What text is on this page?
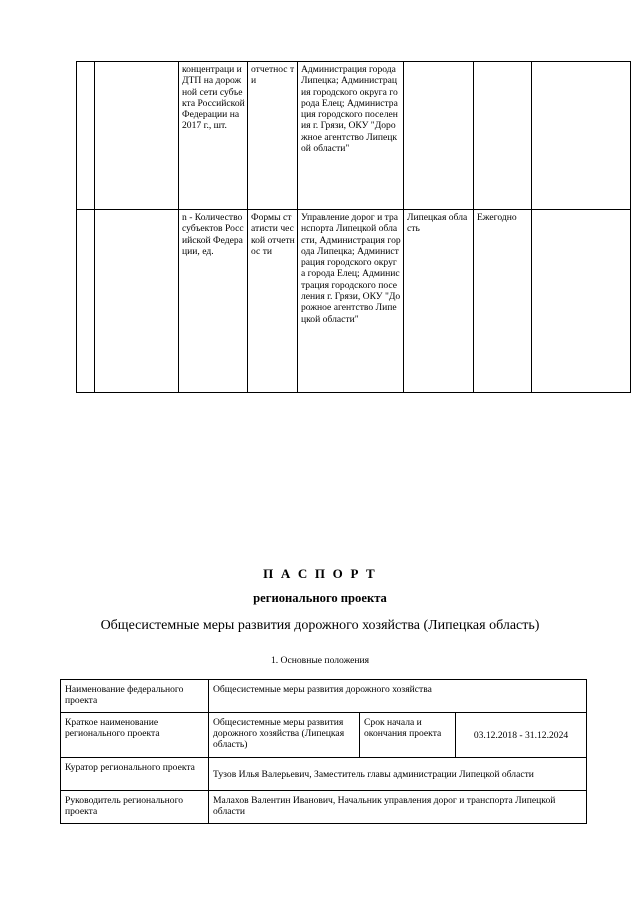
		концентраци и ДТП на дорожной сети субъекта Российской Федерации на 2017 г., шт.	отчетнос ти	Администрация города Липецка; Администрация городского округа города Елец; Администрация городского поселения г. Грязи, ОКУ "Дорожное агентство Липецкой области"			
		n - Количество субъектов Российской Федерации, ед.	Формы статисти ческой отчетнос ти	Управление дорог и транспорта Липецкой области, Администрация города Липецка; Администрация городского округа города Елец; Администрация городского поселения г. Грязи, ОКУ "Дорожное агентство Липецкой области"	Липецкая область	Ежегодно	
П А С П О Р Т
регионального проекта
Общесистемные меры развития дорожного хозяйства (Липецкая область)
1. Основные положения
Наименование федерального проекта	Общесистемные меры развития дорожного хозяйства		
Краткое наименование регионального проекта	Общесистемные меры развития дорожного хозяйства (Липецкая область)	Срок начала и окончания проекта	03.12.2018 - 31.12.2024
Куратор регионального проекта	Тузов Илья Валерьевич, Заместитель главы администрации Липецкой области		
Руководитель регионального проекта	Малахов Валентин Иванович, Начальник управления дорог и транспорта Липецкой области		
